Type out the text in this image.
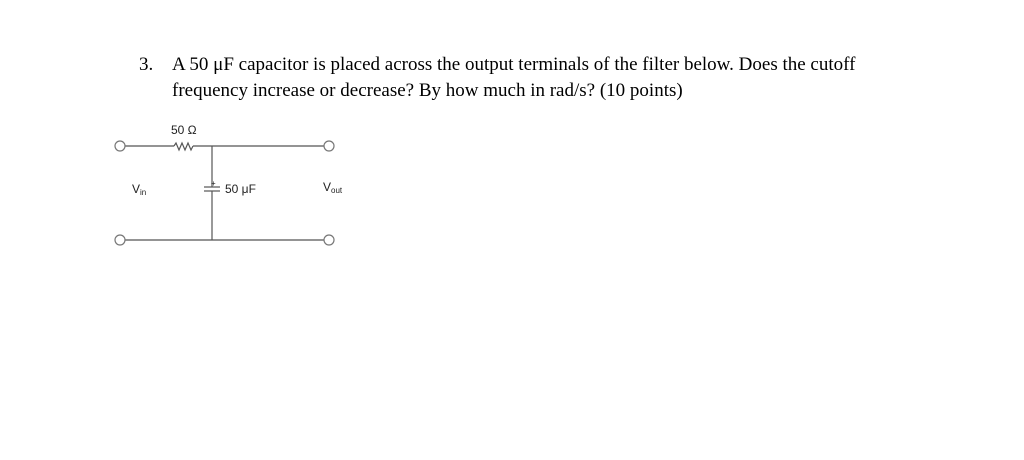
3. A 50 μF capacitor is placed across the output terminals of the filter below. Does the cutoff frequency increase or decrease? By how much in rad/s? (10 points)
50 Ω
+ 50 μF
Vin	Vout
